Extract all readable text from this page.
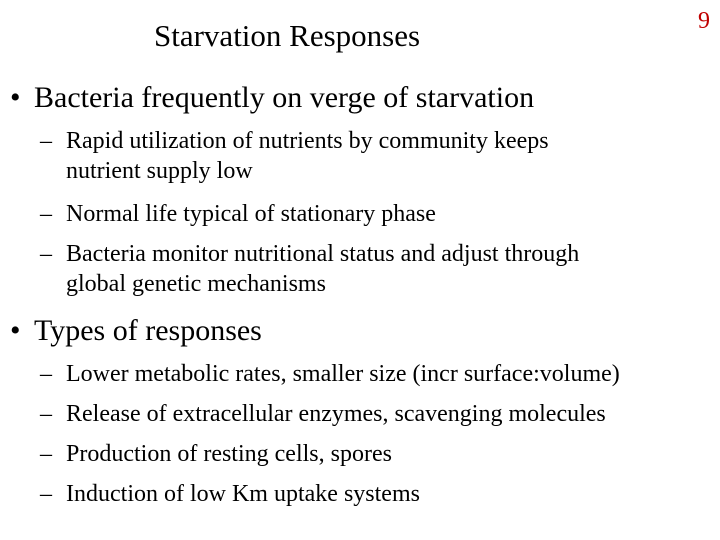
Starvation Responses	9
• Bacteria frequently on verge of starvation
– Rapid utilization of nutrients by community keeps
nutrient supply low
– Normal life typical of stationary phase
– Bacteria monitor nutritional status and adjust through
global genetic mechanisms
• Types of responses
– Lower metabolic rates, smaller size (incr surface:volume)
– Release of extracellular enzymes, scavenging molecules
– Production of resting cells, spores
– Induction of low Km uptake systems
